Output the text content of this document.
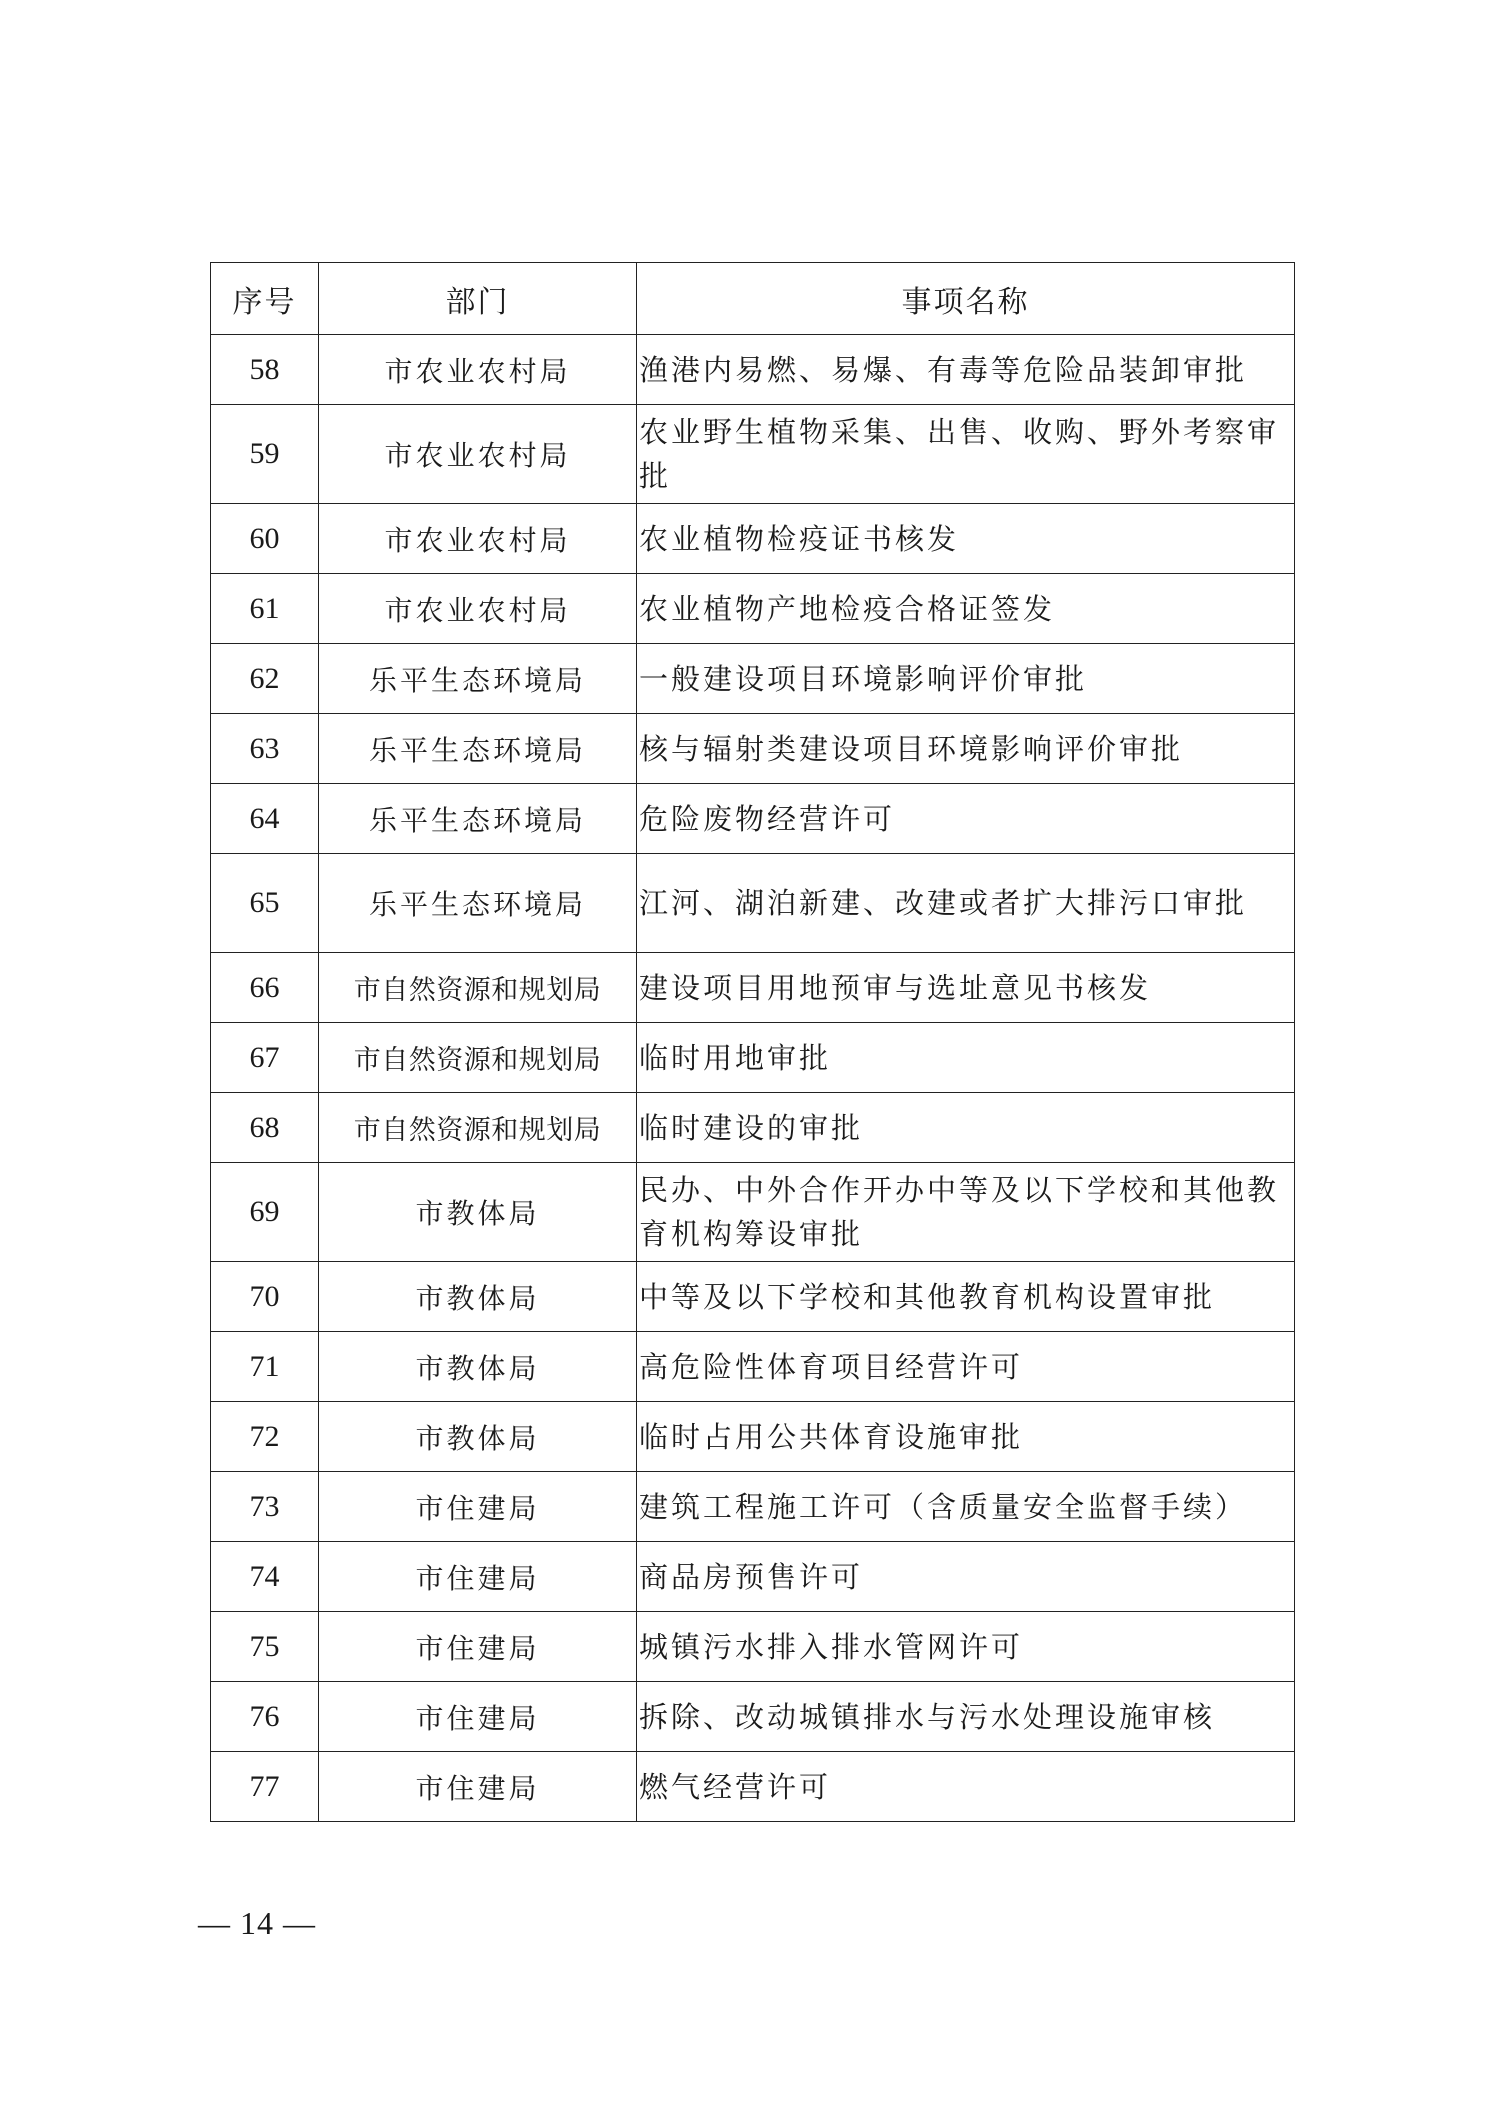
序号	部门	事项名称
58	市农业农村局	渔港内易燃、易爆、有毒等危险品装卸审批
59	市农业农村局	农业野生植物采集、出售、收购、野外考察审批
60	市农业农村局	农业植物检疫证书核发
61	市农业农村局	农业植物产地检疫合格证签发
62	乐平生态环境局	一般建设项目环境影响评价审批
63	乐平生态环境局	核与辐射类建设项目环境影响评价审批
64	乐平生态环境局	危险废物经营许可
65	乐平生态环境局	江河、湖泊新建、改建或者扩大排污口审批
66	市自然资源和规划局	建设项目用地预审与选址意见书核发
67	市自然资源和规划局	临时用地审批
68	市自然资源和规划局	临时建设的审批
69	市教体局	民办、中外合作开办中等及以下学校和其他教育机构筹设审批
70	市教体局	中等及以下学校和其他教育机构设置审批
71	市教体局	高危险性体育项目经营许可
72	市教体局	临时占用公共体育设施审批
73	市住建局	建筑工程施工许可（含质量安全监督手续）
74	市住建局	商品房预售许可
75	市住建局	城镇污水排入排水管网许可
76	市住建局	拆除、改动城镇排水与污水处理设施审核
77	市住建局	燃气经营许可
— 14 —
